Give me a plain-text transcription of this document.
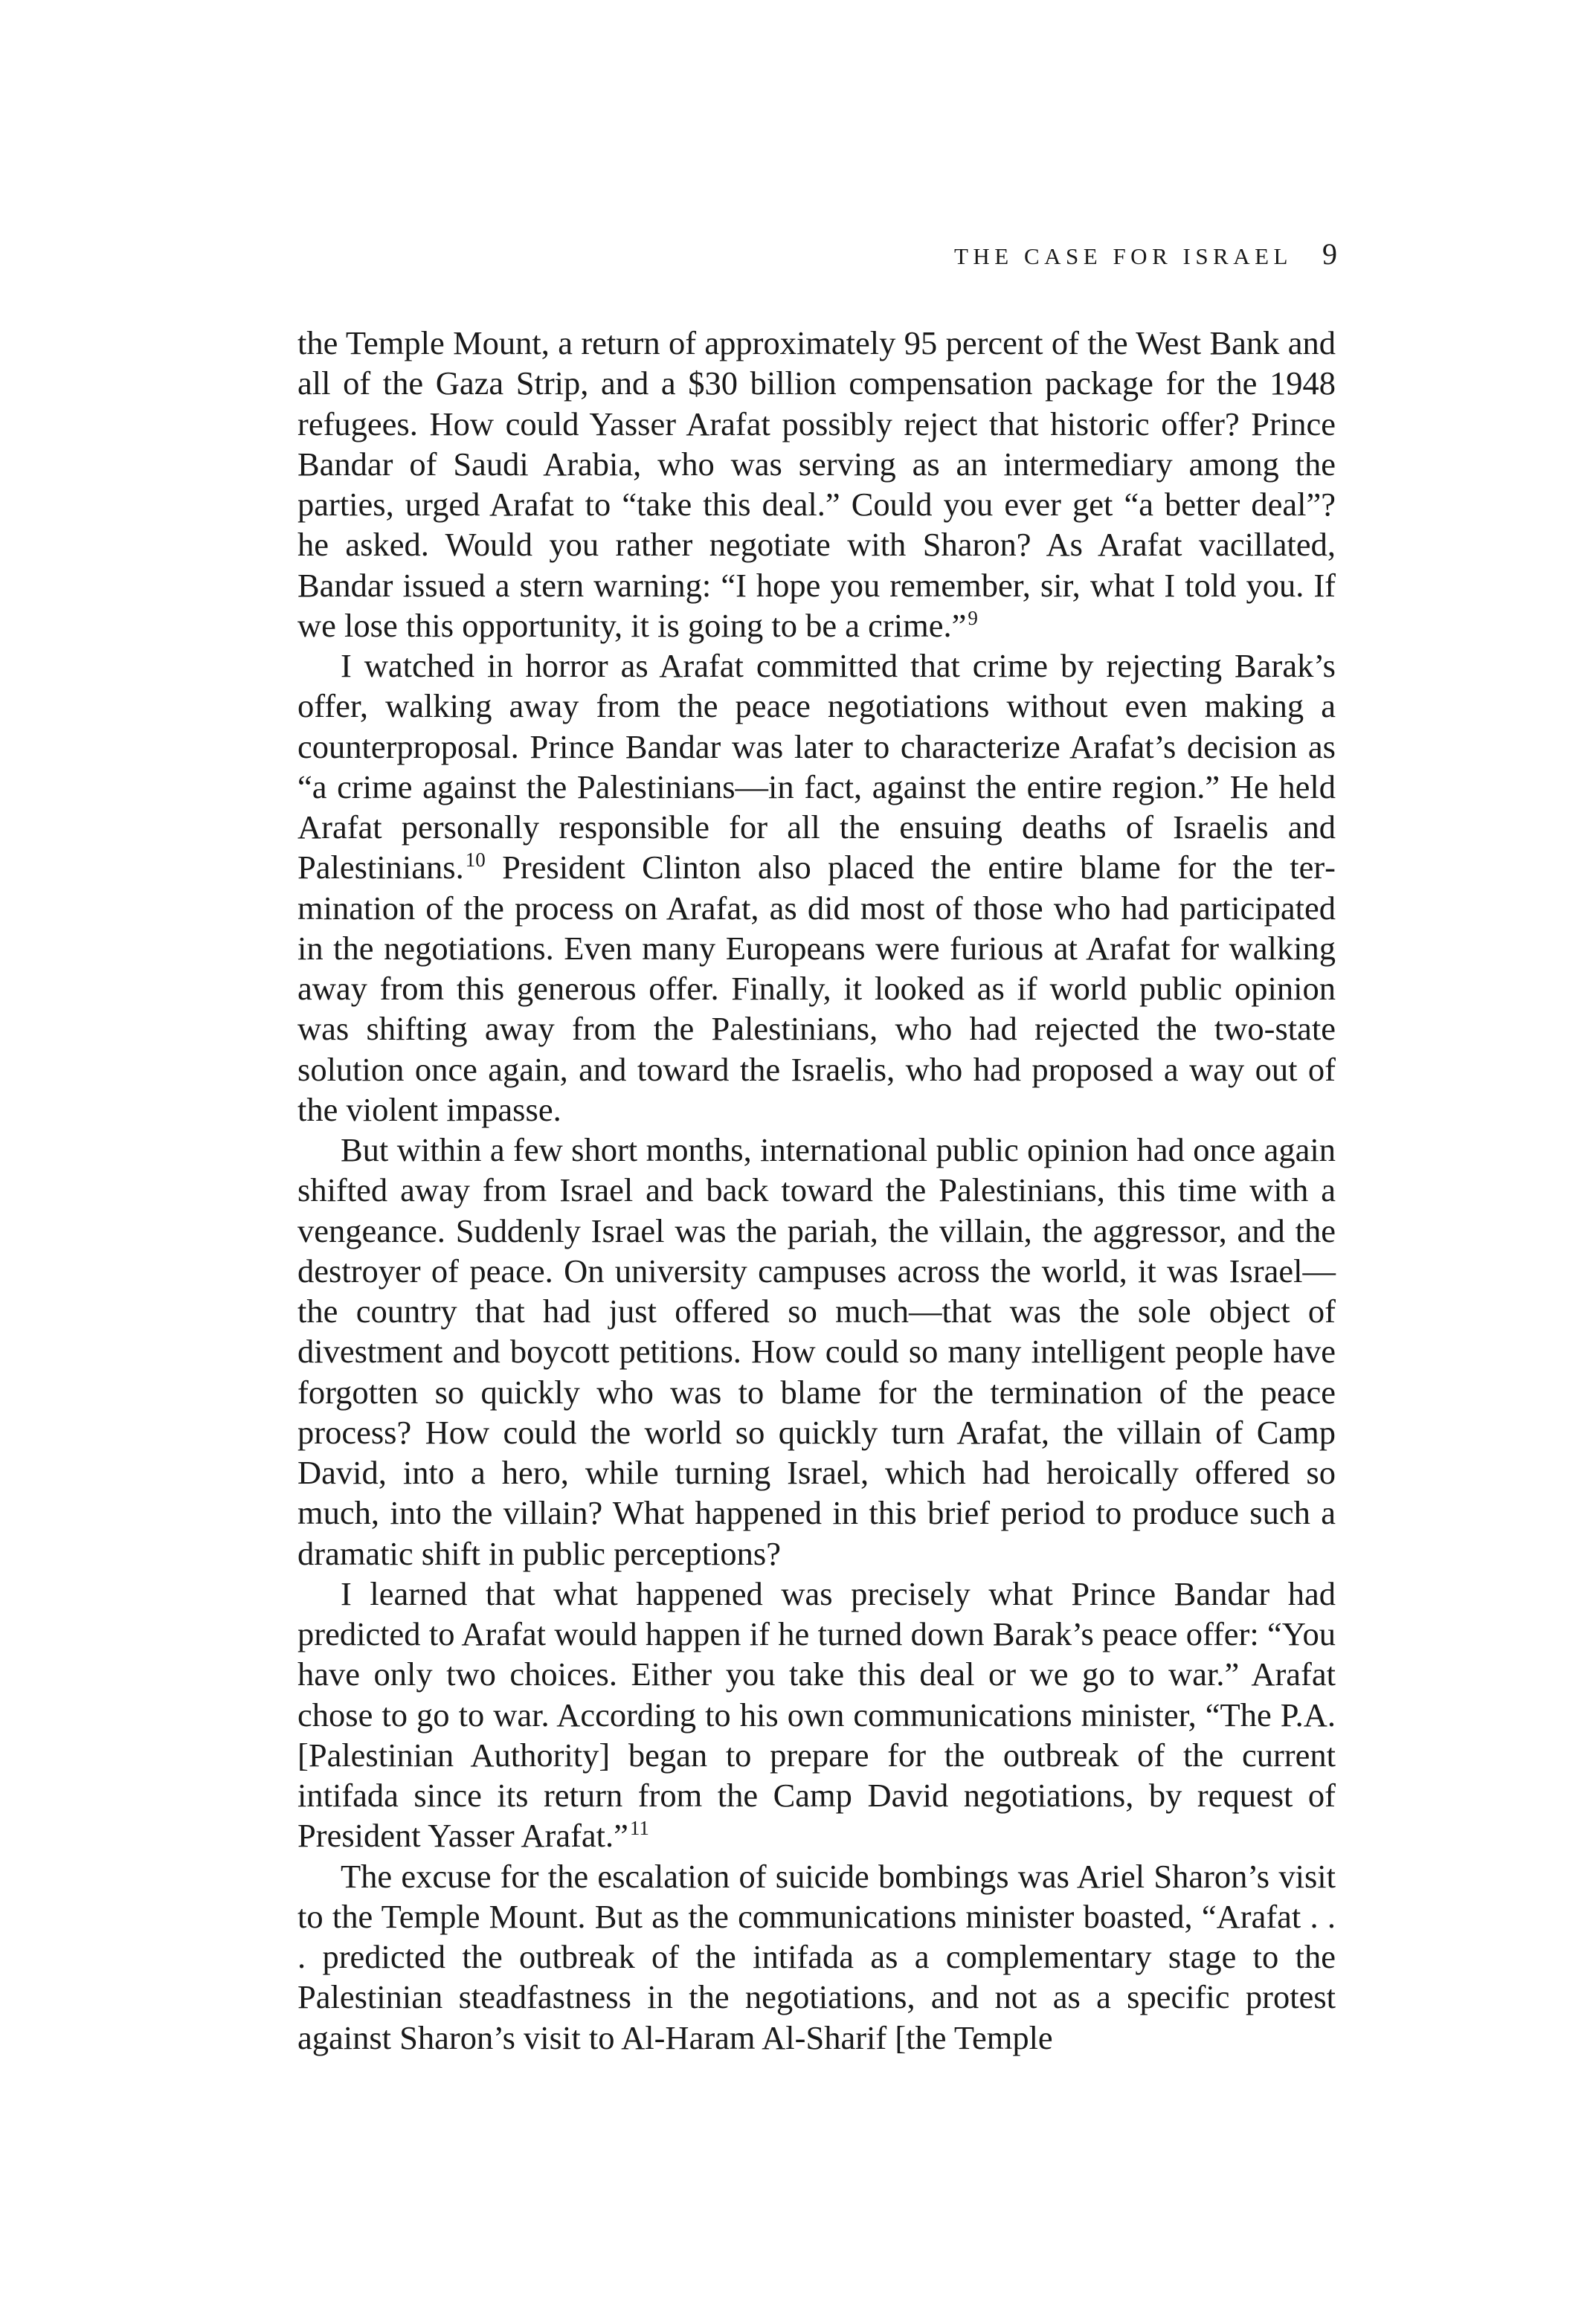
THE CASE FOR ISRAEL 9

the Temple Mount, a return of approximately 95 percent of the West Bank and all of the Gaza Strip, and a $30 billion compensation package for the 1948 refugees. How could Yasser Arafat possibly reject that historic offer? Prince Bandar of Saudi Arabia, who was serving as an intermediary among the parties, urged Arafat to “take this deal.” Could you ever get “a better deal”? he asked. Would you rather negotiate with Sharon? As Arafat vacillated, Bandar issued a stern warning: “I hope you remember, sir, what I told you. If we lose this opportunity, it is going to be a crime.”$^9$

I watched in horror as Arafat committed that crime by rejecting Barak’s offer, walking away from the peace negotiations without even making a counterproposal. Prince Bandar was later to characterize Arafat’s decision as “a crime against the Palestinians—in fact, against the entire region.” He held Arafat personally responsible for all the ensuing deaths of Israelis and Palestinians.$^{10}$ President Clinton also placed the entire blame for the termination of the process on Arafat, as did most of those who had participated in the negotiations. Even many Europeans were furious at Arafat for walking away from this generous offer. Finally, it looked as if world public opinion was shifting away from the Palestinians, who had rejected the two-state solution once again, and toward the Israelis, who had proposed a way out of the violent impasse.

But within a few short months, international public opinion had once again shifted away from Israel and back toward the Palestinians, this time with a vengeance. Suddenly Israel was the pariah, the villain, the aggressor, and the destroyer of peace. On university campuses across the world, it was Israel—the country that had just offered so much—that was the sole object of divestment and boycott petitions. How could so many intelligent people have forgotten so quickly who was to blame for the termination of the peace process? How could the world so quickly turn Arafat, the villain of Camp David, into a hero, while turning Israel, which had heroically offered so much, into the villain? What happened in this brief period to produce such a dramatic shift in public perceptions?

I learned that what happened was precisely what Prince Bandar had predicted to Arafat would happen if he turned down Barak’s peace offer: “You have only two choices. Either you take this deal or we go to war.” Arafat chose to go to war. According to his own communications minister, “The P.A. [Palestinian Authority] began to prepare for the outbreak of the current intifada since its return from the Camp David negotiations, by request of President Yasser Arafat.”$^{11}$

The excuse for the escalation of suicide bombings was Ariel Sharon’s visit to the Temple Mount. But as the communications minister boasted, “Arafat . . . predicted the outbreak of the intifada as a complementary stage to the Palestinian steadfastness in the negotiations, and not as a specific protest against Sharon’s visit to Al-Haram Al-Sharif [the Temple
